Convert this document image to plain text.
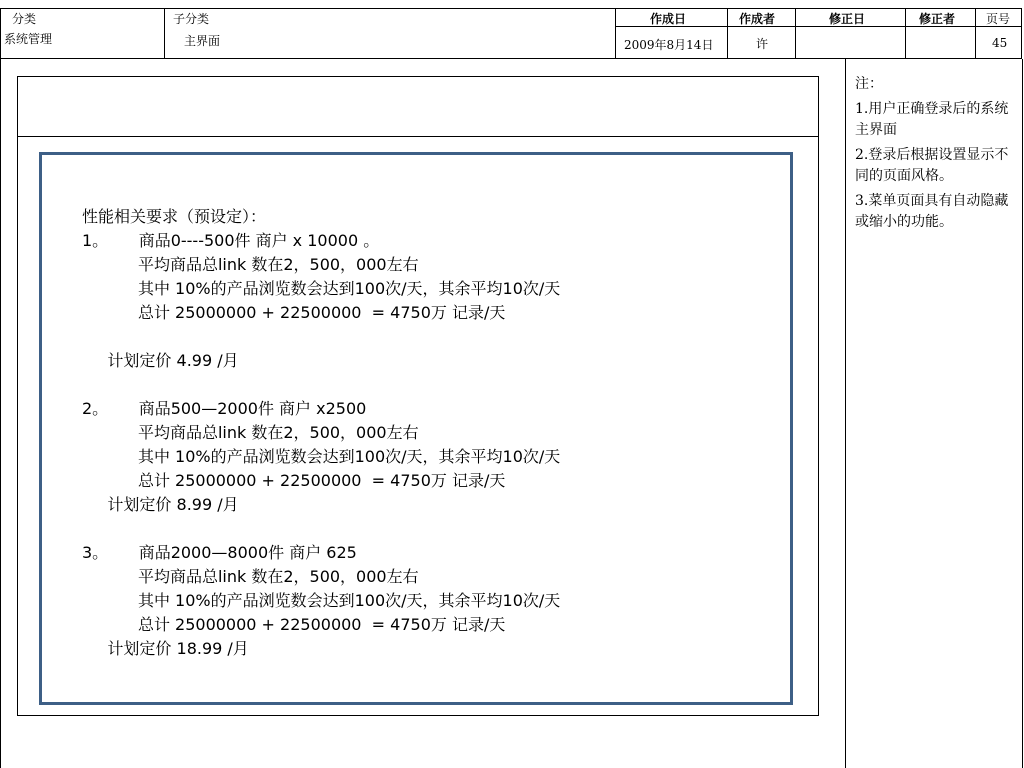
分类
系统管理
子分类
主界面
作成日
2009年8月14日
作成者
许
修正日	修正者	页号
45
性能相关要求（预设定）：
1。      商品0----500件 商户 x 10000 。
平均商品总link 数在2，500，000左右
其中 10%的产品浏览数会达到100次/天，其余平均10次/天
总计 25000000 + 22500000  = 4750万 记录/天
计划定价 4.99 /月
2。      商品500—2000件 商户 x2500
平均商品总link 数在2，500，000左右
其中 10%的产品浏览数会达到100次/天，其余平均10次/天
总计 25000000 + 22500000  = 4750万 记录/天
计划定价 8.99 /月
3。      商品2000—8000件 商户 625
平均商品总link 数在2，500，000左右
其中 10%的产品浏览数会达到100次/天，其余平均10次/天
总计 25000000 + 22500000  = 4750万 记录/天
计划定价 18.99 /月

注：

1.用户正确登录后的系统主界面

2.登录后根据设置显示不同的页面风格。

3.菜单页面具有自动隐藏或缩小的功能。
